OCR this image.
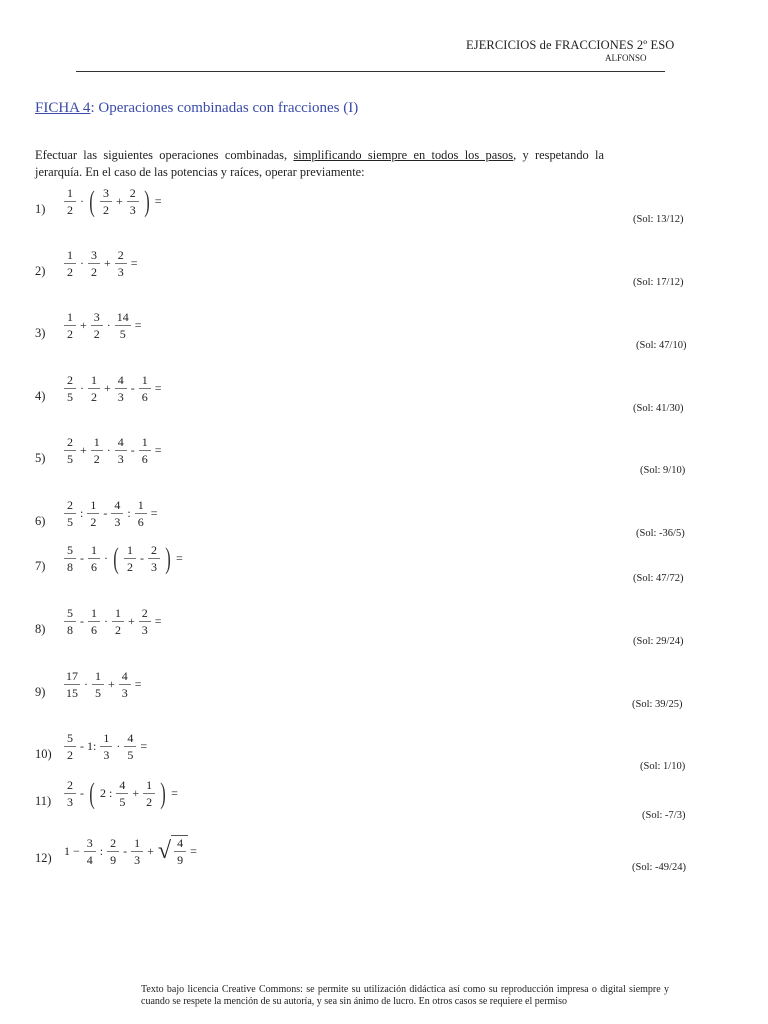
EJERCICIOS de FRACCIONES 2º ESO
ALFONSO
FICHA 4: Operaciones combinadas con fracciones (I)
Efectuar las siguientes operaciones combinadas, simplificando siempre en todos los pasos, y respetando la jerarquía. En el caso de las potencias y raíces, operar previamente:
$1) \frac{1}{2}$ · ( $\frac{3}{2} + \frac{2}{3}$ ) =
(Sol: 13/12)
$2) \frac{1}{2} \cdot \frac{3}{2} + \frac{2}{3}$ =
(Sol: 17/12)
$3) \frac{1}{2} + \frac{3}{2} \cdot \frac{14}{5}$ =
(Sol: 47/10)
$4) \frac{2}{5} \cdot \frac{1}{2} + \frac{4}{3} - \frac{1}{6}$ =
(Sol: 41/30)
$5) \frac{2}{5} + \frac{1}{2} \cdot \frac{4}{3} - \frac{1}{6}$ =
(Sol: 9/10)
$6) \frac{2}{5}$ : $\frac{1}{2} - \frac{4}{3}$ : $\frac{1}{6}$ =
(Sol: -36/5)
$7) \frac{5}{8} - \frac{1}{6}$ · ( $\frac{1}{2} - \frac{2}{3}$ ) =
(Sol: 47/72)
$8) \frac{5}{8} - \frac{1}{6} \cdot \frac{1}{2} + \frac{2}{3}$ =
(Sol: 29/24)
$9) \frac{17}{15} \cdot \frac{1}{5} + \frac{4}{3}$ =
(Sol: 39/25)
$10) \frac{5}{2} - 1$: $\frac{1}{3} \cdot \frac{4}{5}$ =
(Sol: 1/10)
$11) \frac{2}{3}$ - ( 2 : $\frac{4}{5} + \frac{1}{2}$ ) =
(Sol: -7/3)
12)
$1 - \frac{3}{4}$ : $\frac{2}{9} - \frac{1}{3}$ + √ $\frac{4}{9}$ =
(Sol: -49/24)
Texto bajo licencia Creative Commons: se permite su utilización didáctica así como su reproducción impresa o digital siempre y cuando se respete la mención de su autoría, y sea sin ánimo de lucro. En otros casos se requiere el permiso
